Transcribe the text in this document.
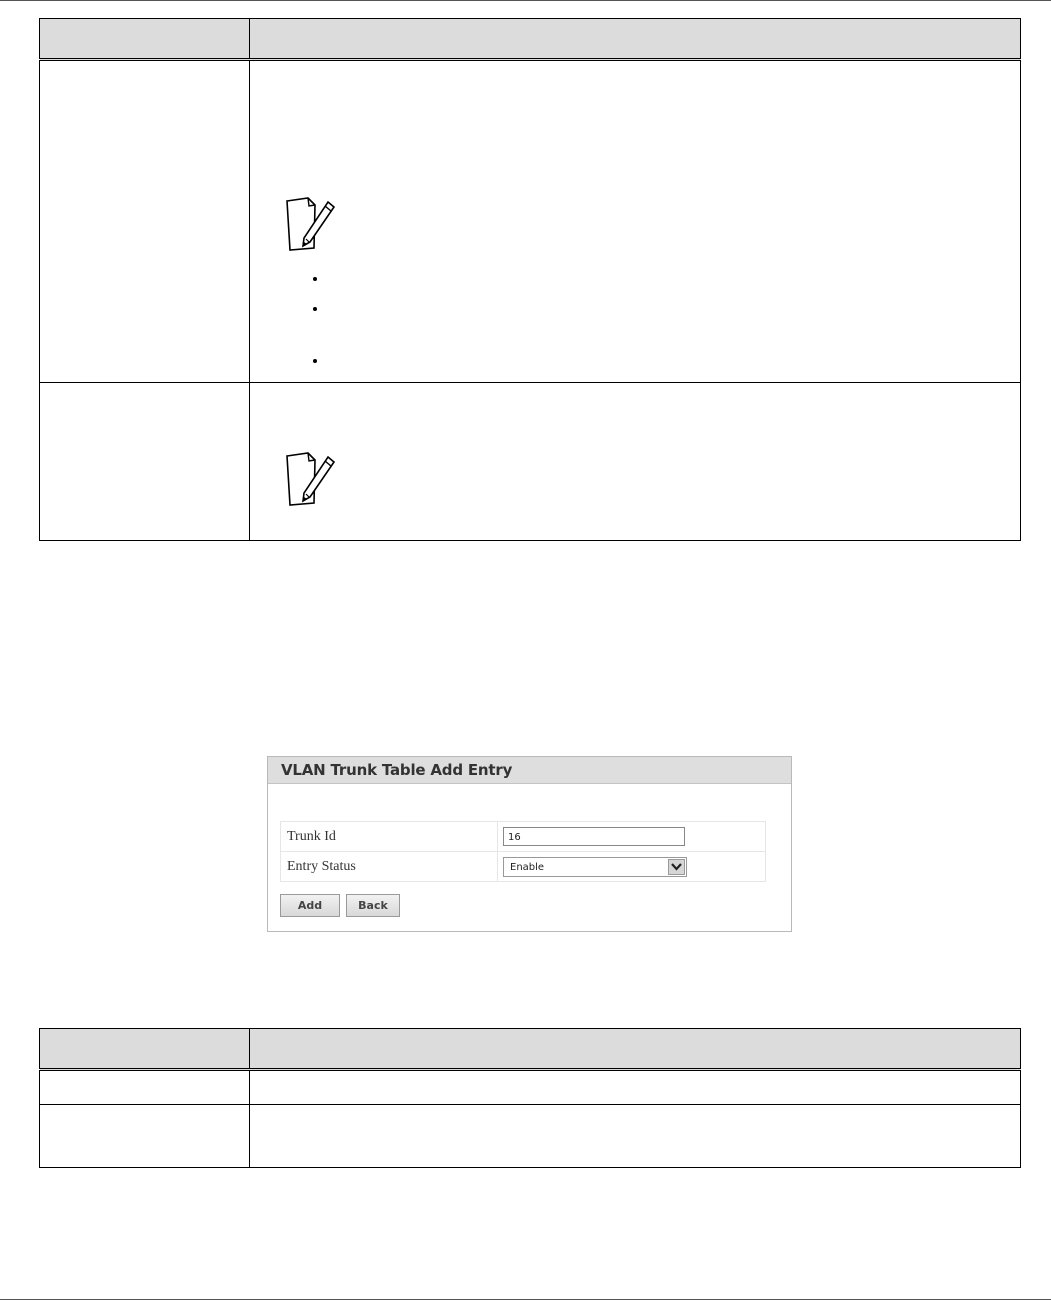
VLAN Trunk Table Add Entry
Trunk Id	16

Entry Status	Enable
Add	Back
